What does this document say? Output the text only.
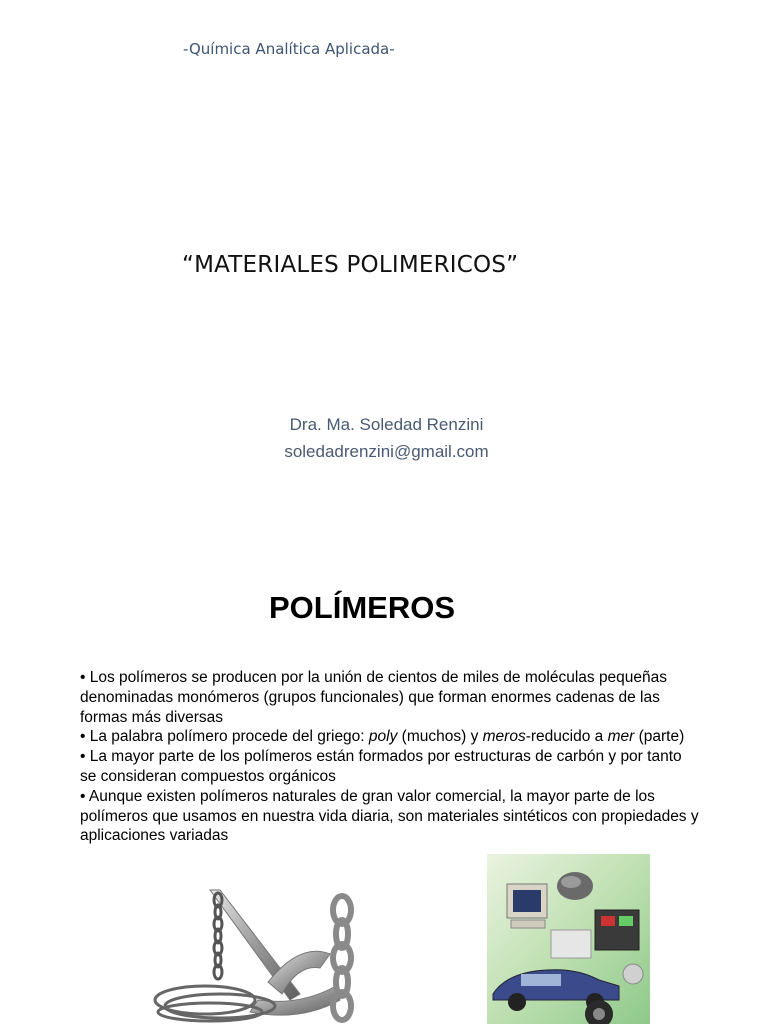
-Química Analítica Aplicada-
“MATERIALES POLIMERICOS”
Dra. Ma. Soledad Renzini
soledadrenzini@gmail.com
POLÍMEROS

• Los polímeros se producen por la unión de cientos de miles de moléculas pequeñas denominadas monómeros (grupos funcionales) que forman enormes cadenas de las formas más diversas

• La palabra polímero procede del griego: poly (muchos) y meros-reducido a mer (parte)

• La mayor parte de los polímeros están formados por estructuras de carbón y por tanto se consideran compuestos orgánicos

• Aunque existen polímeros naturales de gran valor comercial, la mayor parte de los polímeros que usamos en nuestra vida diaria, son materiales sintéticos con propiedades y aplicaciones variadas
